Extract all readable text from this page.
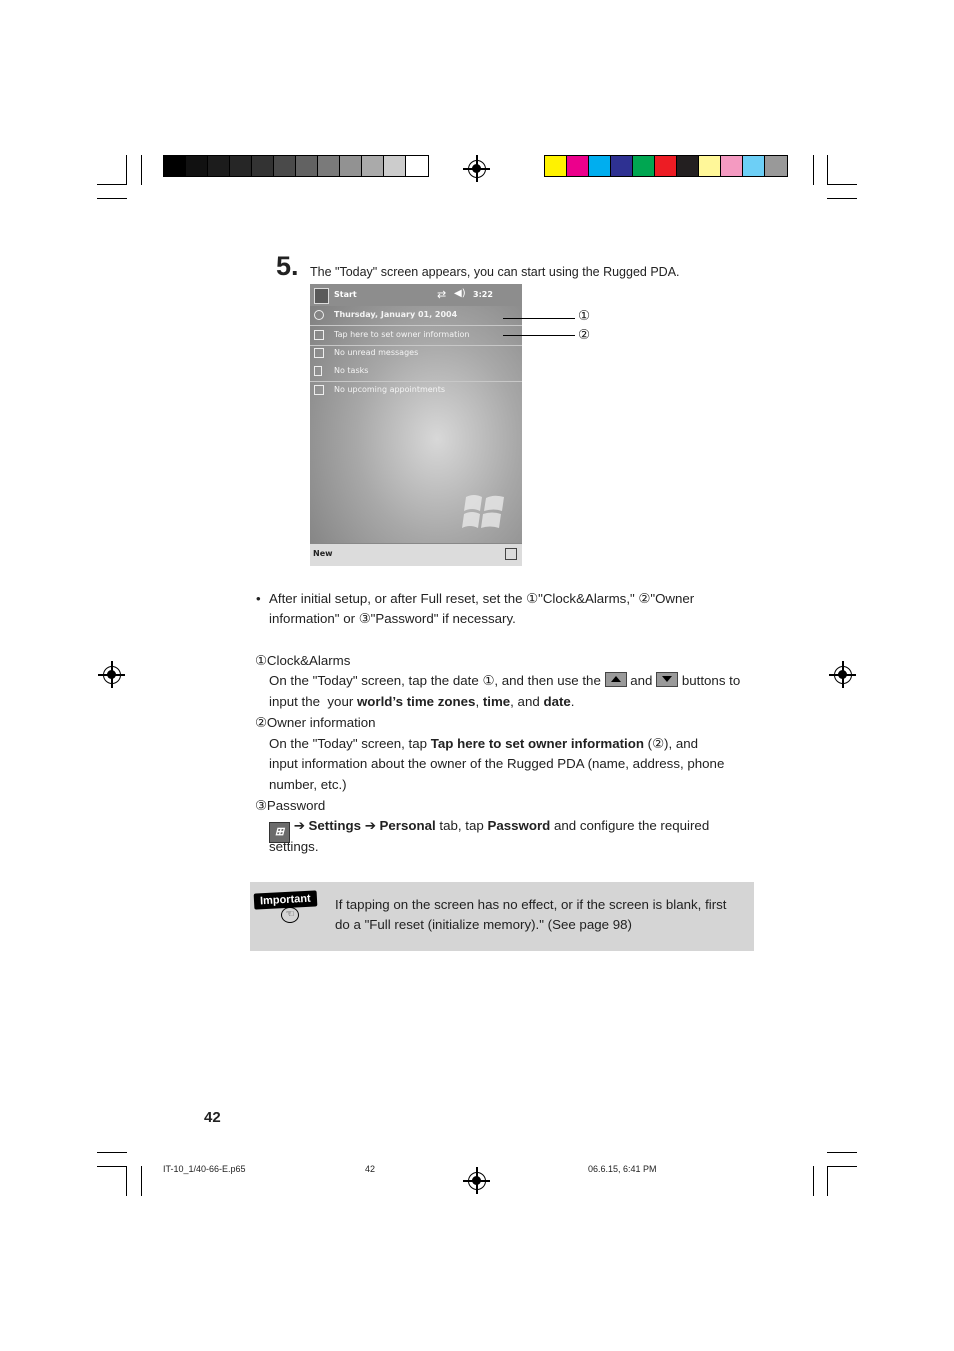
5. The "Today" screen appears, you can start using the Rugged PDA.
Start	⇄ ◀) 3:22
Thursday, January 01, 2004
Tap here to set owner information
No unread messages
No tasks
No upcoming appointments
New
①
②
• After initial setup, or after Full reset, set the ①"Clock&Alarms," ②"Owner
information" or ③"Password" if necessary.
①Clock&Alarms
On the "Today" screen, tap the date ①, and then use the and buttons to
input the  your world’s time zones, time, and date.
②Owner information
On the "Today" screen, tap Tap here to set owner information (②), and
input information about the owner of the Rugged PDA (name, address, phone
number, etc.)
③Password
⊞ ➔ Settings ➔ Personal tab, tap Password and configure the required
settings.
Important
☜
If tapping on the screen has no effect, or if the screen is blank, first
do a "Full reset (initialize memory)." (See page 98)
42
IT-10_1/40-66-E.p65	42	06.6.15, 6:41 PM
